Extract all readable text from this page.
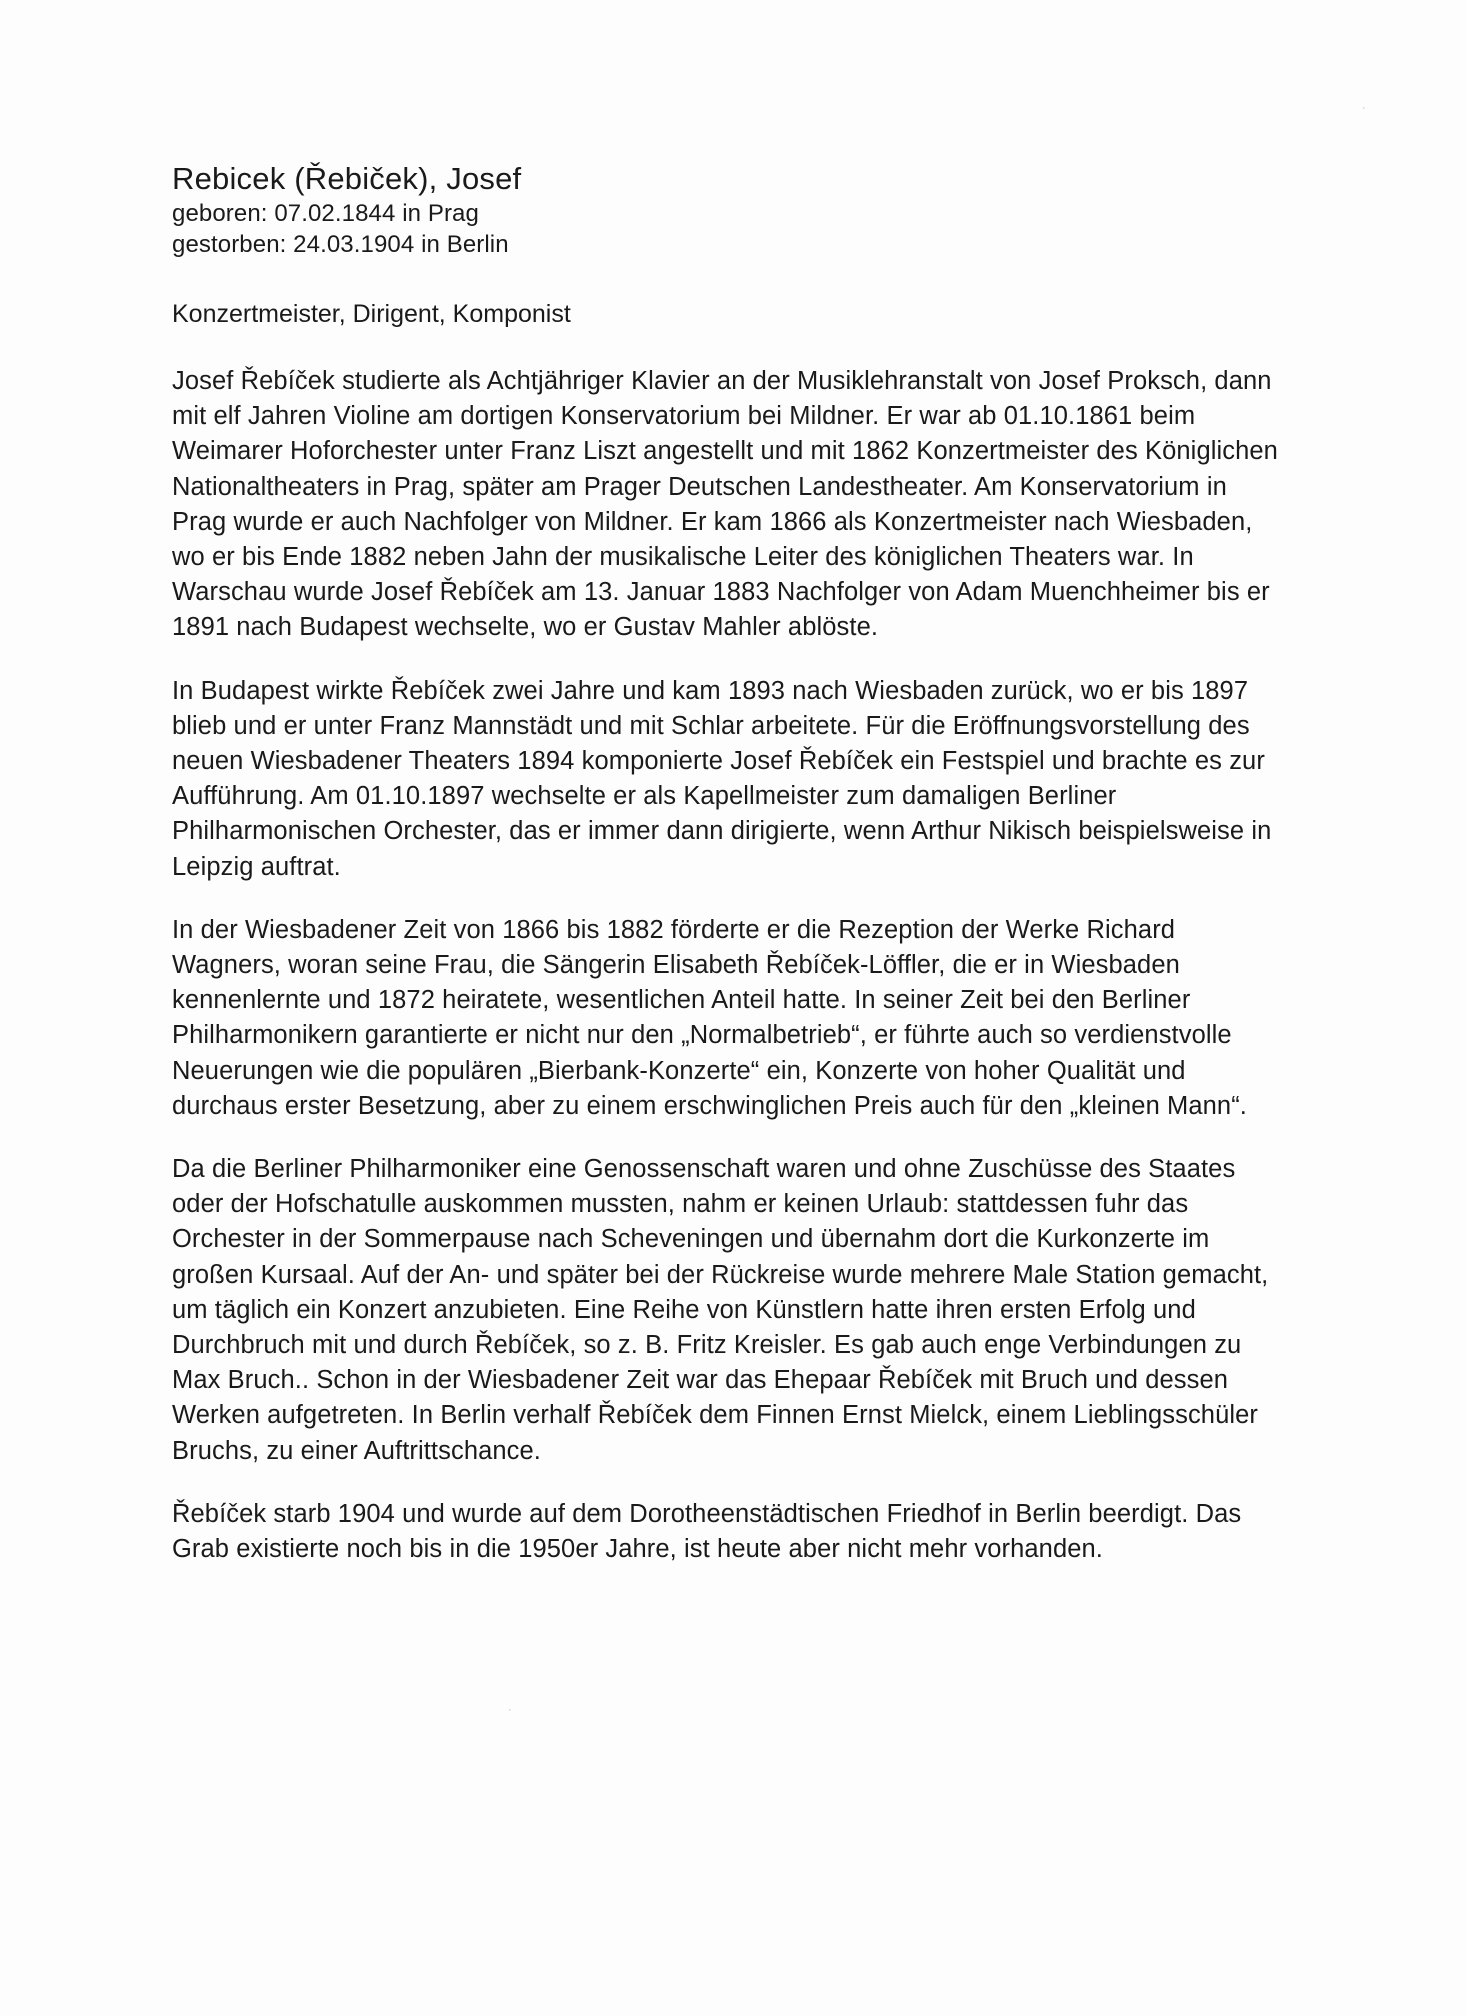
Rebicek (Řebiček), Josef

geboren: 07.02.1844 in Prag

gestorben: 24.03.1904 in Berlin

Konzertmeister, Dirigent, Komponist

Josef Řebíček studierte als Achtjähriger Klavier an der Musiklehranstalt von Josef Proksch, dann mit elf Jahren Violine am dortigen Konservatorium bei Mildner. Er war ab 01.10.1861 beim Weimarer Hoforchester unter Franz Liszt angestellt und mit 1862 Konzertmeister des Königlichen Nationaltheaters in Prag, später am Prager Deutschen Landestheater. Am Konservatorium in Prag wurde er auch Nachfolger von Mildner. Er kam 1866 als Konzertmeister nach Wiesbaden, wo er bis Ende 1882 neben Jahn der musikalische Leiter des königlichen Theaters war. In Warschau wurde Josef Řebíček am 13. Januar 1883 Nachfolger von Adam Muenchheimer bis er 1891 nach Budapest wechselte, wo er Gustav Mahler ablöste.

In Budapest wirkte Řebíček zwei Jahre und kam 1893 nach Wiesbaden zurück, wo er bis 1897 blieb und er unter Franz Mannstädt und mit Schlar arbeitete. Für die Eröffnungsvorstellung des neuen Wiesbadener Theaters 1894 komponierte Josef Řebíček ein Festspiel und brachte es zur Aufführung. Am 01.10.1897 wechselte er als Kapellmeister zum damaligen Berliner Philharmonischen Orchester, das er immer dann dirigierte, wenn Arthur Nikisch beispielsweise in Leipzig auftrat.

In der Wiesbadener Zeit von 1866 bis 1882 förderte er die Rezeption der Werke Richard Wagners, woran seine Frau, die Sängerin Elisabeth Řebíček-Löffler, die er in Wiesbaden kennenlernte und 1872 heiratete, wesentlichen Anteil hatte. In seiner Zeit bei den Berliner Philharmonikern garantierte er nicht nur den „Normalbetrieb“, er führte auch so verdienstvolle Neuerungen wie die populären „Bierbank-Konzerte“ ein, Konzerte von hoher Qualität und durchaus erster Besetzung, aber zu einem erschwinglichen Preis auch für den „kleinen Mann“.

Da die Berliner Philharmoniker eine Genossenschaft waren und ohne Zuschüsse des Staates oder der Hofschatulle auskommen mussten, nahm er keinen Urlaub: stattdessen fuhr das Orchester in der Sommerpause nach Scheveningen und übernahm dort die Kurkonzerte im großen Kursaal. Auf der An- und später bei der Rückreise wurde mehrere Male Station gemacht, um täglich ein Konzert anzubieten. Eine Reihe von Künstlern hatte ihren ersten Erfolg und Durchbruch mit und durch Řebíček, so z. B. Fritz Kreisler. Es gab auch enge Verbindungen zu Max Bruch.. Schon in der Wiesbadener Zeit war das Ehepaar Řebíček mit Bruch und dessen Werken aufgetreten. In Berlin verhalf Řebíček dem Finnen Ernst Mielck, einem Lieblingsschüler Bruchs, zu einer Auftrittschance.

Řebíček starb 1904 und wurde auf dem Dorotheenstädtischen Friedhof in Berlin beerdigt. Das Grab existierte noch bis in die 1950er Jahre, ist heute aber nicht mehr vorhanden.

·
·
